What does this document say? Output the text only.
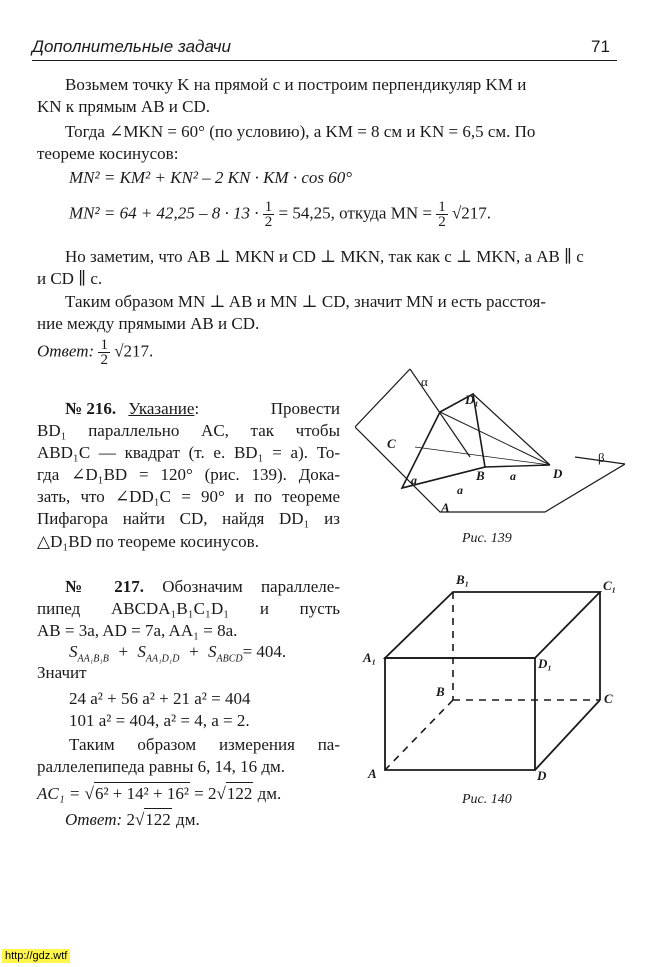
Дополнительные задачи	71
Возьмем точку K на прямой c и построим перпендикуляр KM и
KN к прямым AB и CD.
Тогда ∠MKN = 60° (по условию), а KM = 8 см и KN = 6,5 см. По
теореме косинусов:
MN² = KM² + KN² – 2 KN · KM · cos 60°
$MN^2 = 64 + 42,25 - 8 \cdot 13 \cdot \frac{1}{2} = 54,25$, откуда MN = $\frac{1}{2} √217$.
Но заметим, что AB ⊥ MKN и CD ⊥ MKN, так как c ⊥ MKN, а AB ∥ c
и CD ∥ c.
Таким образом MN ⊥ AB и MN ⊥ CD, значит MN и есть расстоя-
ние между прямыми AB и CD.
Ответ: $\frac{1}{2} √217$.
№ 216. Указание:	Провести
BD₁ параллельно AC, так чтобы
ABD₁C — квадрат (т. е. BD₁ = a). То-
гда ∠D₁BD = 120° (рис. 139). Дока-
зать, что ∠DD₁C = 90° и по теореме
Пифагора найти CD, найдя DD₁ из
△D₁BD по теореме косинусов.
α
β
D₁
C
B	D
A
a
a
a
Рис. 139
№ 217. Обозначим параллеле-
пипед ABCDA₁B₁C₁D₁ и пусть
AB = 3a, AD = 7a, AA₁ = 8a.
$S_{AA_1B_1B} + S_{AA_1D_1D} + S_{ABCD}= 404$.
Значит
24 a² + 56 a² + 21 a² = 404
101 a² = 404, a² = 4, a = 2.
Таким образом измерения па-
раллелепипеда равны 6, 14, 16 дм.
AC₁ = √6² + 14² + 16² = 2√122 дм.
Ответ: 2√122 дм.
B₁	C₁
A₁	D₁
B	C
A	D
Рис. 140
http://gdz.wtf
